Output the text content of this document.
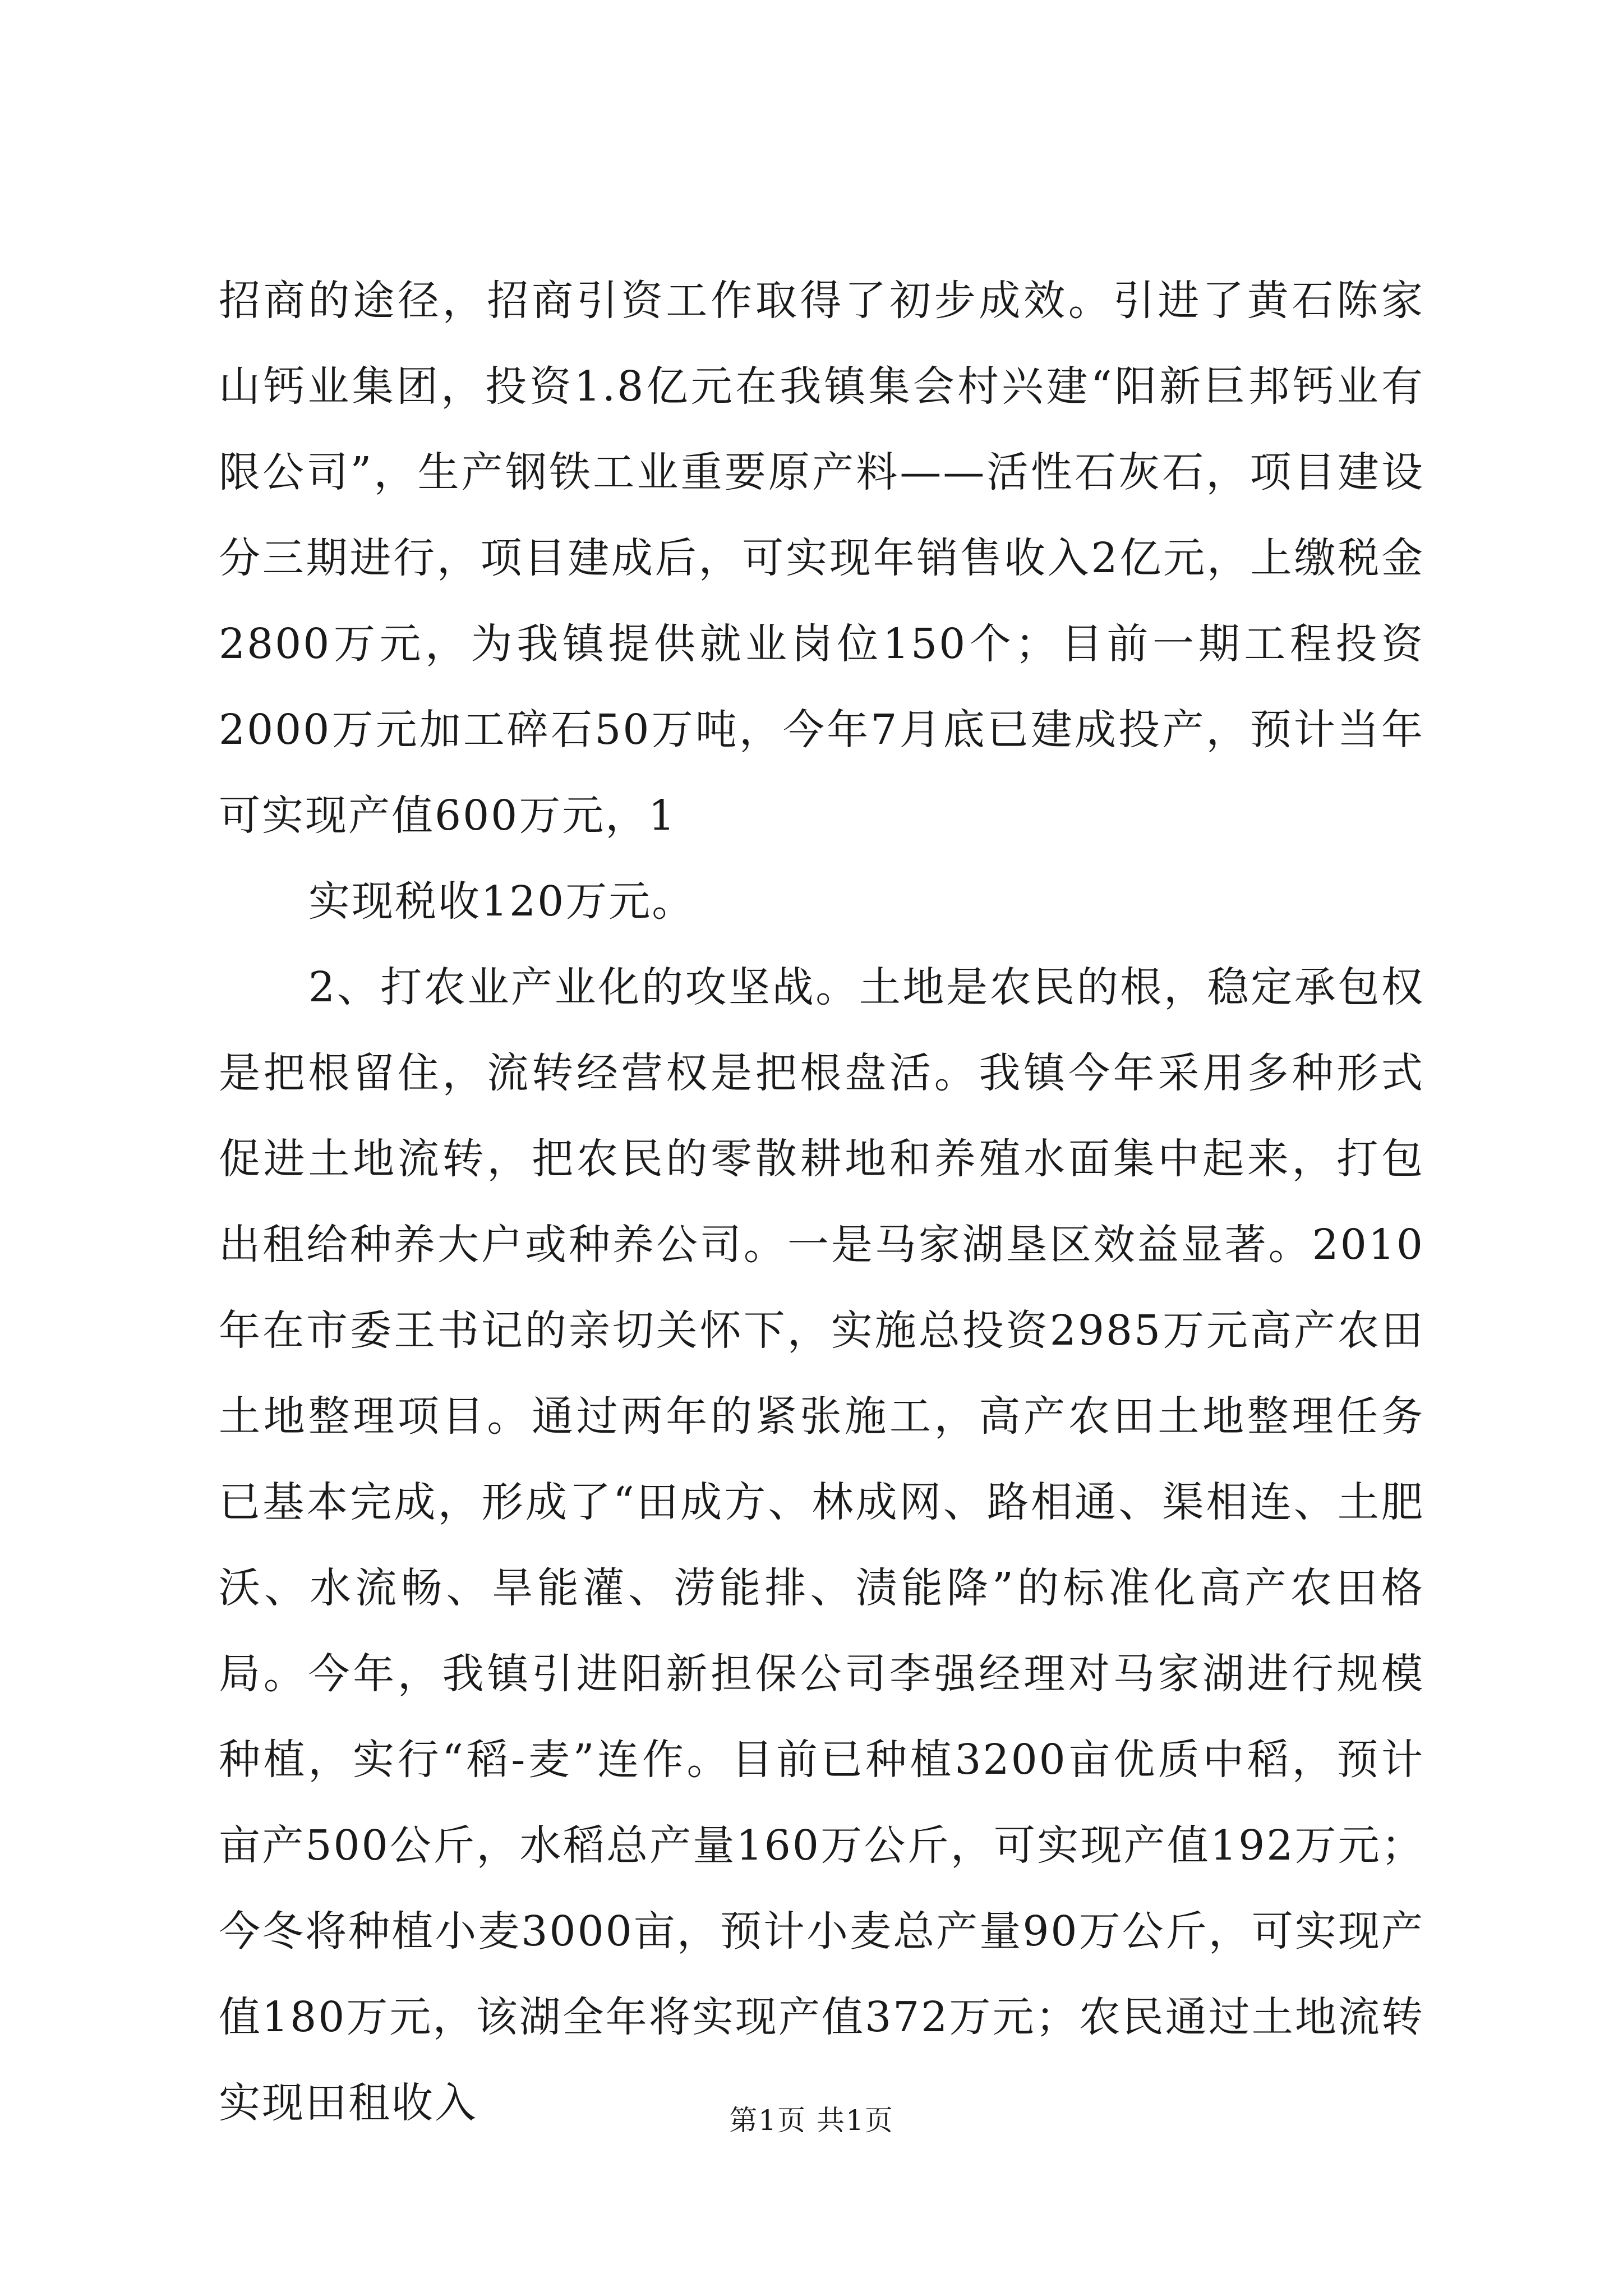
招商的途径，招商引资工作取得了初步成效。引进了黄石陈家山钙业集团，投资1.8亿元在我镇集会村兴建“阳新巨邦钙业有限公司”，生产钢铁工业重要原产料——活性石灰石，项目建设分三期进行，项目建成后，可实现年销售收入2亿元，上缴税金2800万元，为我镇提供就业岗位150个；目前一期工程投资2000万元加工碎石50万吨，今年7月底已建成投产，预计当年可实现产值600万元，1

实现税收120万元。

2、打农业产业化的攻坚战。土地是农民的根，稳定承包权是把根留住，流转经营权是把根盘活。我镇今年采用多种形式促进土地流转，把农民的零散耕地和养殖水面集中起来，打包出租给种养大户或种养公司。一是马家湖垦区效益显著。2010年在市委王书记的亲切关怀下，实施总投资2985万元高产农田土地整理项目。通过两年的紧张施工，高产农田土地整理任务已基本完成，形成了“田成方、林成网、路相通、渠相连、土肥沃、水流畅、旱能灌、涝能排、渍能降”的标准化高产农田格局。今年，我镇引进阳新担保公司李强经理对马家湖进行规模种植，实行“稻-麦”连作。目前已种植3200亩优质中稻，预计亩产500公斤，水稻总产量160万公斤，可实现产值192万元；今冬将种植小麦3000亩，预计小麦总产量90万公斤，可实现产值180万元，该湖全年将实现产值372万元；农民通过土地流转实现田租收入	第1页 共1页
